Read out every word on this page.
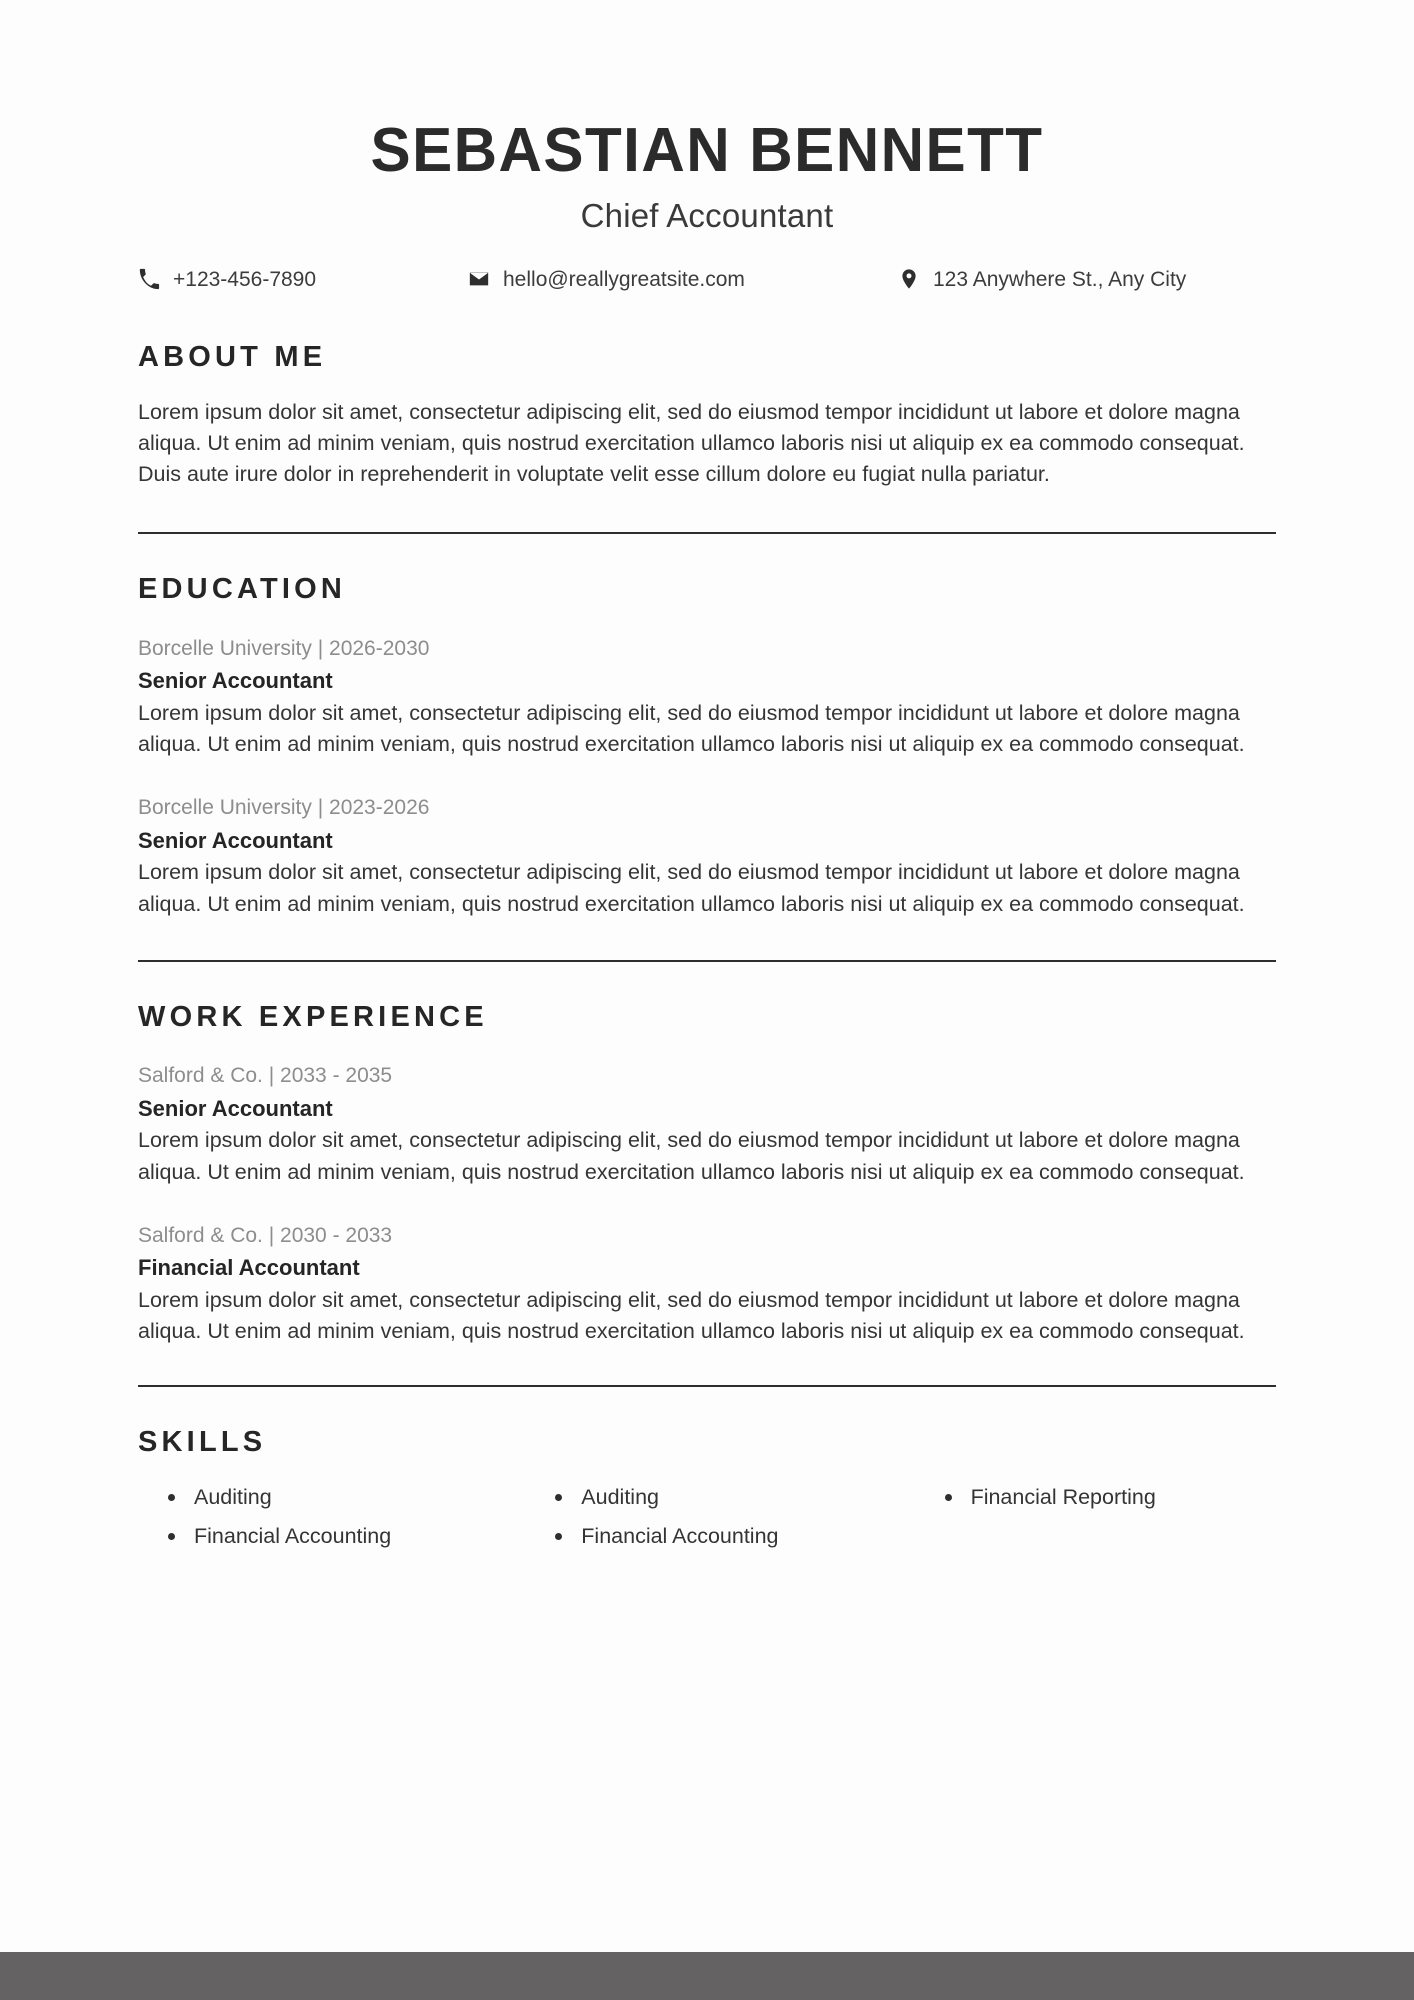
SEBASTIAN BENNETT

Chief Accountant

+123-456-7890	hello@reallygreatsite.com	123 Anywhere St., Any City
ABOUT ME

Lorem ipsum dolor sit amet, consectetur adipiscing elit, sed do eiusmod tempor incididunt ut labore et dolore magna aliqua. Ut enim ad minim veniam, quis nostrud exercitation ullamco laboris nisi ut aliquip ex ea commodo consequat. Duis aute irure dolor in reprehenderit in voluptate velit esse cillum dolore eu fugiat nulla pariatur.

EDUCATION

Borcelle University | 2026-2030

Senior Accountant

Lorem ipsum dolor sit amet, consectetur adipiscing elit, sed do eiusmod tempor incididunt ut labore et dolore magna aliqua. Ut enim ad minim veniam, quis nostrud exercitation ullamco laboris nisi ut aliquip ex ea commodo consequat.

Borcelle University | 2023-2026

Senior Accountant

Lorem ipsum dolor sit amet, consectetur adipiscing elit, sed do eiusmod tempor incididunt ut labore et dolore magna aliqua. Ut enim ad minim veniam, quis nostrud exercitation ullamco laboris nisi ut aliquip ex ea commodo consequat.

WORK EXPERIENCE

Salford & Co. | 2033 - 2035

Senior Accountant

Lorem ipsum dolor sit amet, consectetur adipiscing elit, sed do eiusmod tempor incididunt ut labore et dolore magna aliqua. Ut enim ad minim veniam, quis nostrud exercitation ullamco laboris nisi ut aliquip ex ea commodo consequat.

Salford & Co. | 2030 - 2033

Financial Accountant

Lorem ipsum dolor sit amet, consectetur adipiscing elit, sed do eiusmod tempor incididunt ut labore et dolore magna aliqua. Ut enim ad minim veniam, quis nostrud exercitation ullamco laboris nisi ut aliquip ex ea commodo consequat.

SKILLS
Auditing
Financial Accounting
Auditing
Financial Accounting
Financial Reporting
